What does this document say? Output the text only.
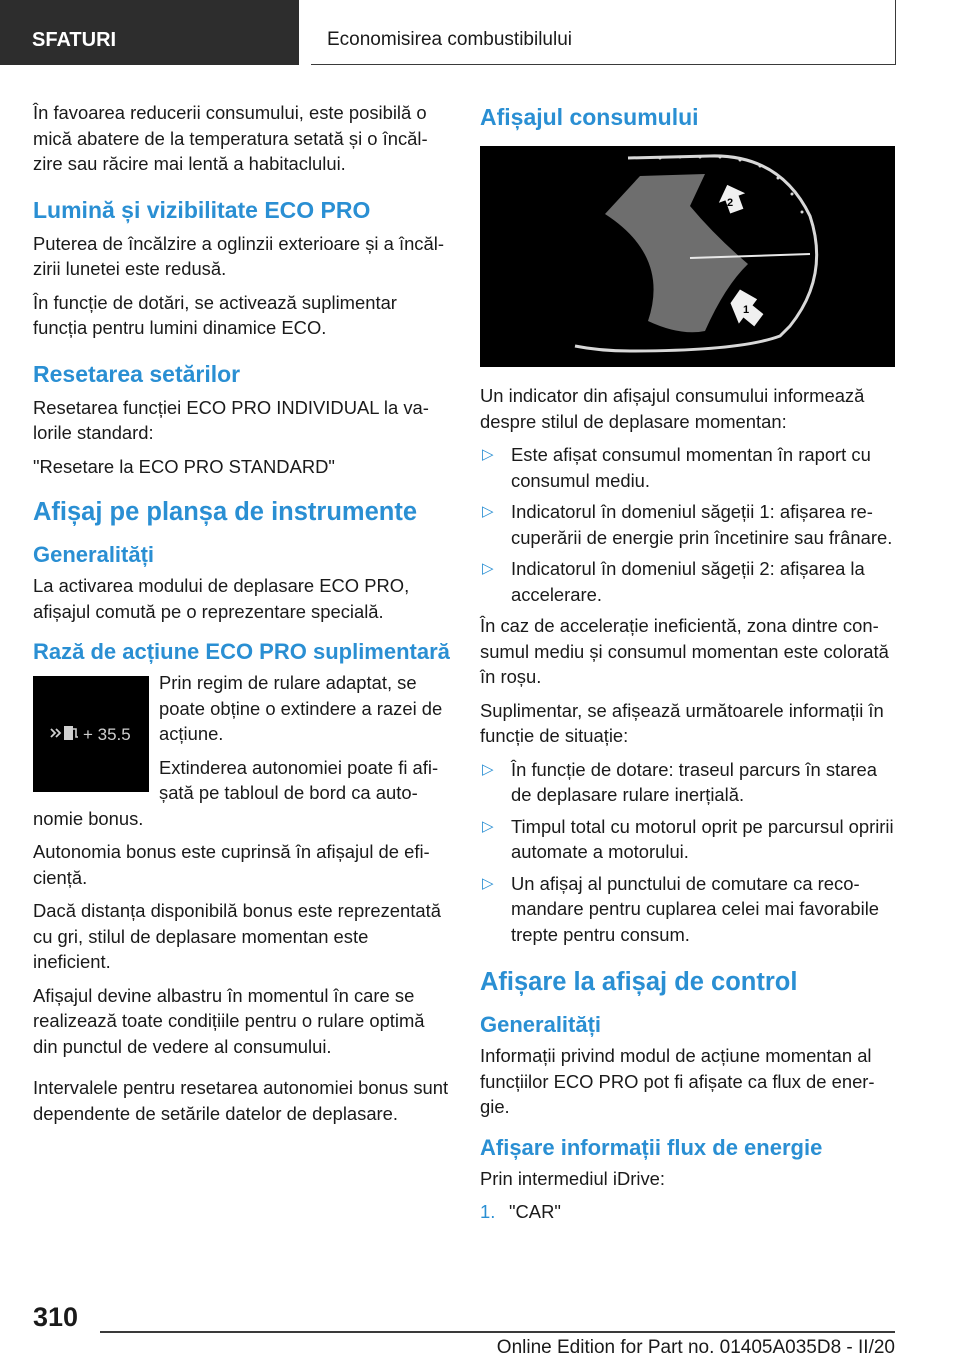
SFATURI	Economisirea combustibilului

În favoarea reducerii consumului, este posibilă o mică abatere de la temperatura setată și o încălzire sau răcire mai lentă a habitaclului.

Lumină și vizibilitate ECO PRO

Puterea de încălzire a oglinzii exterioare și a încălzirii lunetei este redusă.

În funcție de dotări, se activează suplimentar funcția pentru lumini dinamice ECO.

Resetarea setărilor

Resetarea funcției ECO PRO INDIVIDUAL la valorile standard:

"Resetare la ECO PRO STANDARD"

Afișaj pe planșa de instrumente
Generalități

La activarea modului de deplasare ECO PRO, afișajul comută pe o reprezentare specială.

Rază de acțiune ECO PRO suplimentară
+ 35.5

Prin regim de rulare adaptat, se poate obține o extindere a razei de acțiune.

Extinderea autonomiei poate fi afișată pe tabloul de bord ca autonomie bonus.

Autonomia bonus este cuprinsă în afișajul de eficiență.

Dacă distanța disponibilă bonus este reprezentată cu gri, stilul de deplasare momentan este ineficient.

Afișajul devine albastru în momentul în care se realizează toate condițiile pentru o rulare optimă din punctul de vedere al consumului.

Intervalele pentru resetarea autonomiei bonus sunt dependente de setările datelor de deplasare.

Afișajul consumului
2
1

Un indicator din afișajul consumului informează despre stilul de deplasare momentan:

▷ Este afișat consumul momentan în raport cu consumul mediu.
▷ Indicatorul în domeniul săgeții 1: afișarea recuperării de energie prin încetinire sau frânare.
▷ Indicatorul în domeniul săgeții 2: afișarea la accelerare.

În caz de accelerație ineficientă, zona dintre consumul mediu și consumul momentan este colorată în roșu.

Suplimentar, se afișează următoarele informații în funcție de situație:

▷ În funcție de dotare: traseul parcurs în starea de deplasare rulare inerțială.
▷ Timpul total cu motorul oprit pe parcursul opririi automate a motorului.
▷ Un afișaj al punctului de comutare ca recomandare pentru cuplarea celei mai favorabile trepte pentru consum.
Afișare la afișaj de control
Generalități

Informații privind modul de acțiune momentan al funcțiilor ECO PRO pot fi afișate ca flux de energie.

Afișare informații flux de energie

Prin intermediul iDrive:

1. "CAR"
310
Online Edition for Part no. 01405A035D8 - II/20
